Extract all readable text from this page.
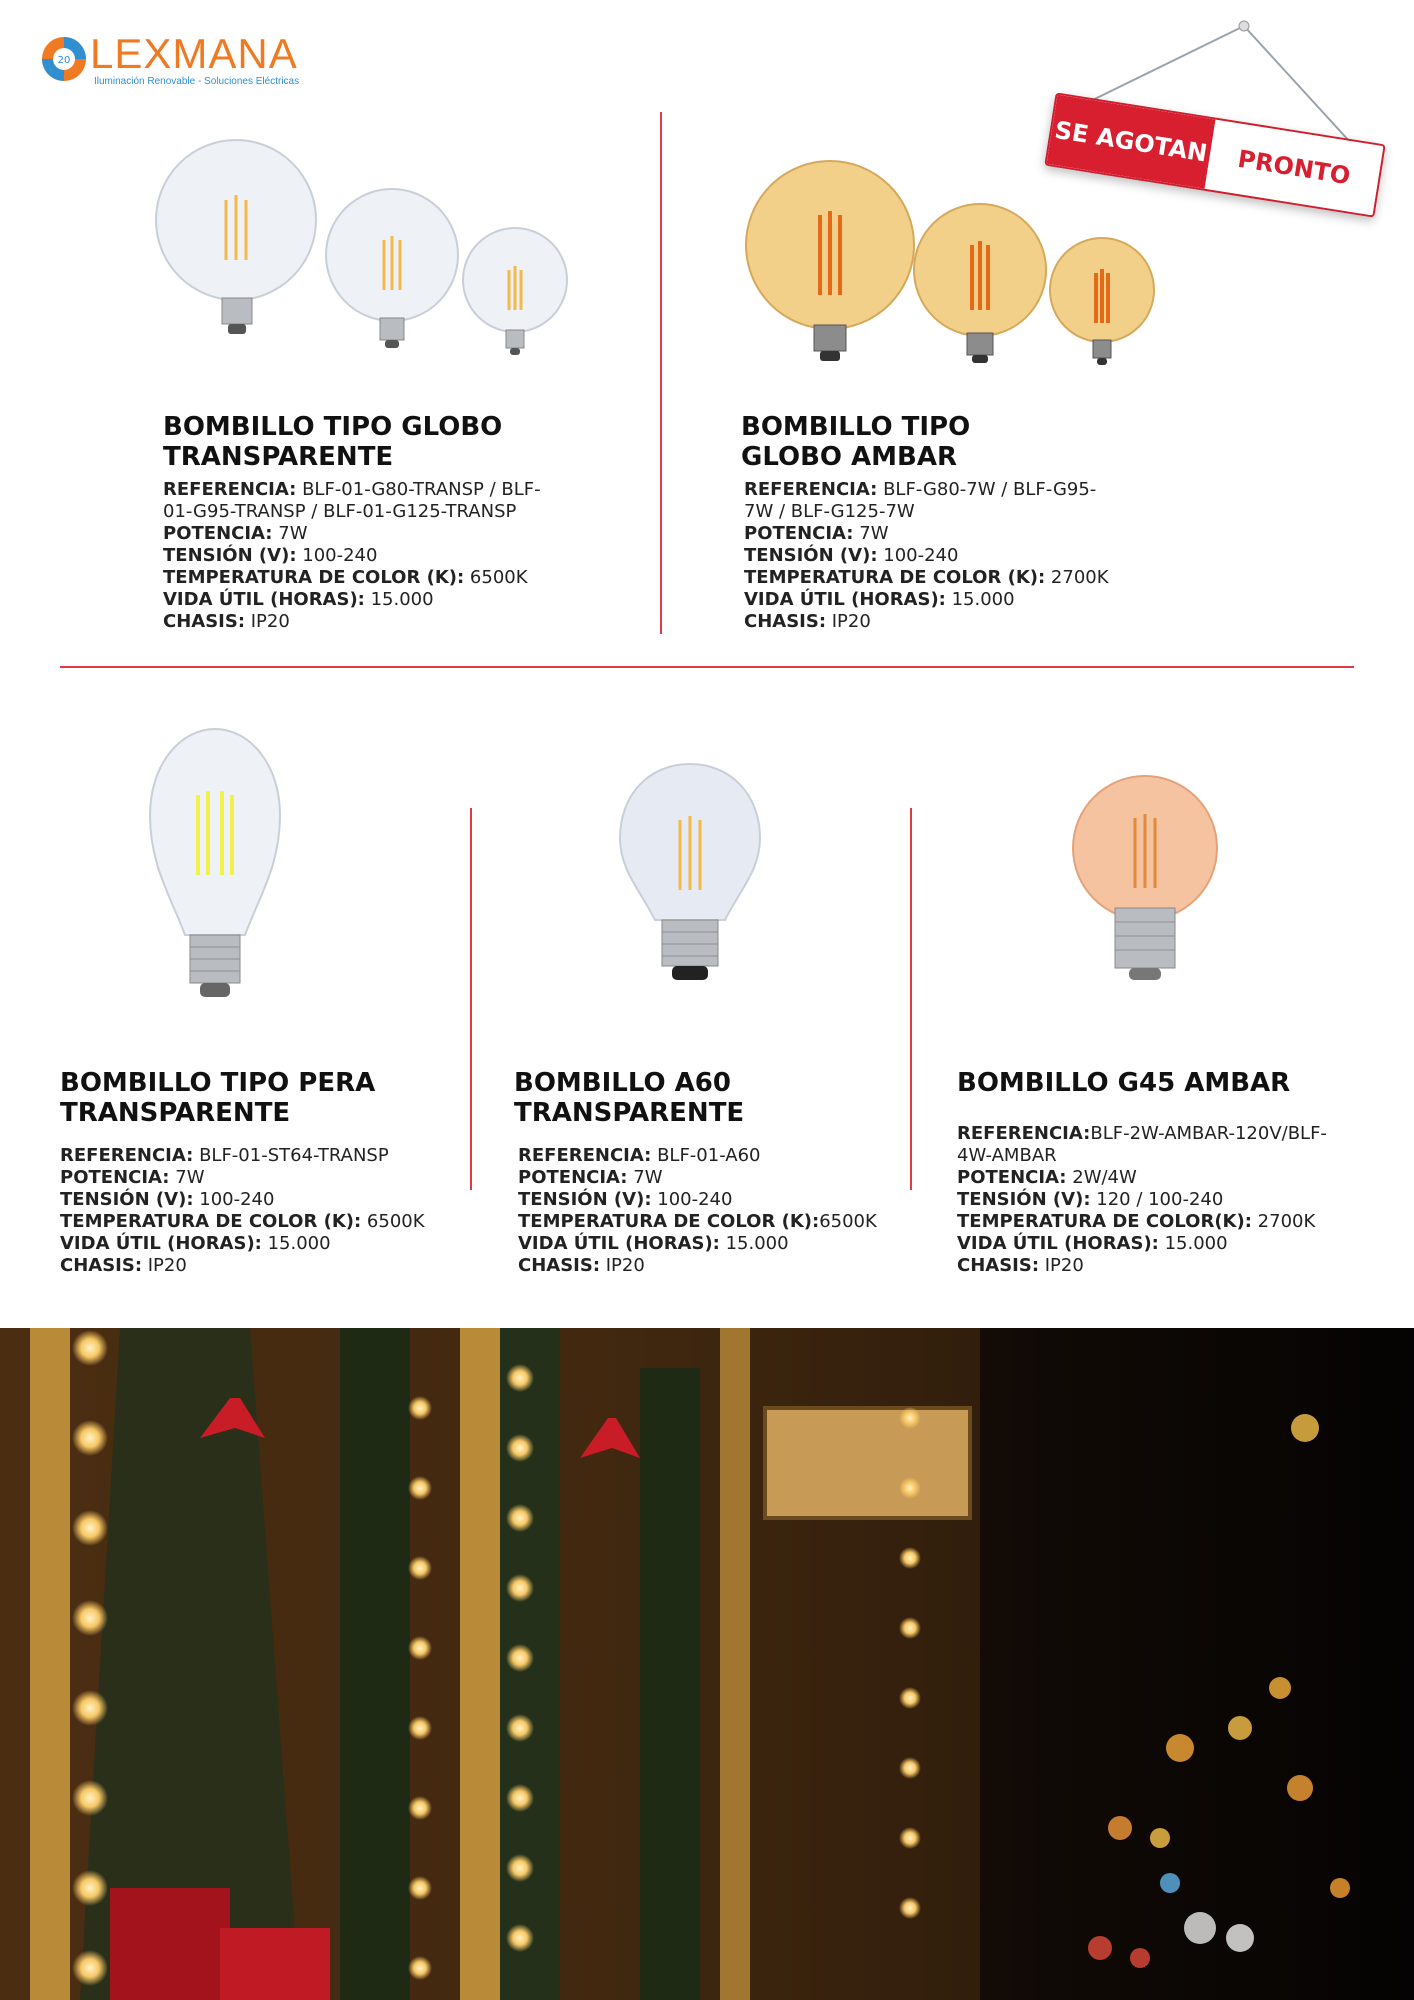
20 LEXMANA
Iluminación Renovable - Soluciones Eléctricas
SE AGOTAN	PRONTO
BOMBILLO TIPO GLOBO
TRANSPARENTE
REFERENCIA: BLF-01-G80-TRANSP / BLF-
01-G95-TRANSP / BLF-01-G125-TRANSP
POTENCIA: 7W
TENSIÓN (V): 100-240
TEMPERATURA DE COLOR (K): 6500K
VIDA ÚTIL (HORAS): 15.000
CHASIS: IP20
BOMBILLO TIPO
GLOBO AMBAR
REFERENCIA: BLF-G80-7W / BLF-G95-
7W / BLF-G125-7W
POTENCIA: 7W
TENSIÓN (V): 100-240
TEMPERATURA DE COLOR (K): 2700K
VIDA ÚTIL (HORAS): 15.000
CHASIS: IP20
BOMBILLO TIPO PERA
TRANSPARENTE
REFERENCIA: BLF-01-ST64-TRANSP
POTENCIA: 7W
TENSIÓN (V): 100-240
TEMPERATURA DE COLOR (K): 6500K
VIDA ÚTIL (HORAS): 15.000
CHASIS: IP20
BOMBILLO A60
TRANSPARENTE
REFERENCIA: BLF-01-A60
POTENCIA: 7W
TENSIÓN (V): 100-240
TEMPERATURA DE COLOR (K):6500K
VIDA ÚTIL (HORAS): 15.000
CHASIS: IP20
BOMBILLO G45 AMBAR
REFERENCIA:BLF-2W-AMBAR-120V/BLF-
4W-AMBAR
POTENCIA: 2W/4W
TENSIÓN (V): 120 / 100-240
TEMPERATURA DE COLOR(K): 2700K
VIDA ÚTIL (HORAS): 15.000
CHASIS: IP20
